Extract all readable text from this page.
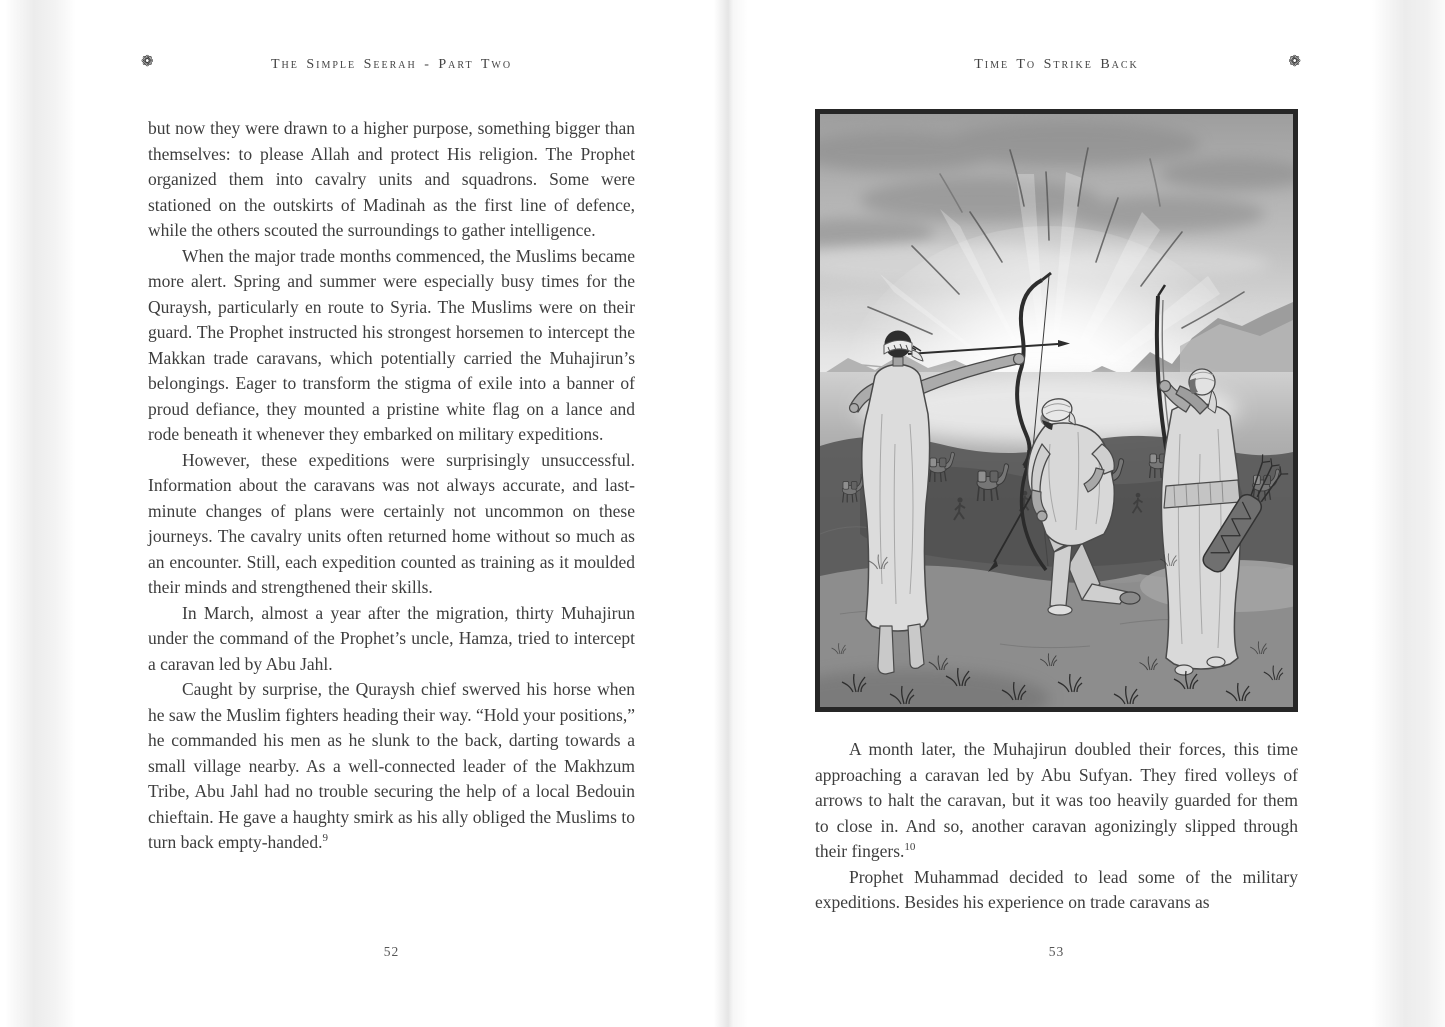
❁	The Simple Seerah - Part Two

but now they were drawn to a higher purpose, something bigger than themselves: to please Allah and protect His religion. The Prophet organized them into cavalry units and squadrons. Some were stationed on the outskirts of Madinah as the first line of defence, while the others scouted the surroundings to gather intelligence.

When the major trade months commenced, the Muslims became more alert. Spring and summer were especially busy times for the Quraysh, particularly en route to Syria. The Muslims were on their guard. The Prophet instructed his strongest horsemen to intercept the Makkan trade caravans, which potentially carried the Muhajirun’s belongings. Eager to transform the stigma of exile into a banner of proud defiance, they mounted a pristine white flag on a lance and rode beneath it whenever they embarked on military expeditions.

However, these expeditions were surprisingly unsuccessful. Information about the caravans was not always accurate, and last-minute changes of plans were certainly not uncommon on these journeys. The cavalry units often returned home without so much as an encounter. Still, each expedition counted as training as it moulded their minds and strengthened their skills.

In March, almost a year after the migration, thirty Muhajirun under the command of the Prophet’s uncle, Hamza, tried to intercept a caravan led by Abu Jahl.

Caught by surprise, the Quraysh chief swerved his horse when he saw the Muslim fighters heading their way. “Hold your positions,” he commanded his men as he slunk to the back, darting towards a small village nearby. As a well-connected leader of the Makhzum Tribe, Abu Jahl had no trouble securing the help of a local Bedouin chieftain. He gave a haughty smirk as his ally obliged the Muslims to turn back empty-handed.$^9$

52
Time To Strike Back	❁

A month later, the Muhajirun doubled their forces, this time approaching a caravan led by Abu Sufyan. They fired volleys of arrows to halt the caravan, but it was too heavily guarded for them to close in. And so, another caravan agonizingly slipped through their fingers.$^{10}$

Prophet Muhammad decided to lead some of the military expeditions. Besides his experience on trade caravans as

53
